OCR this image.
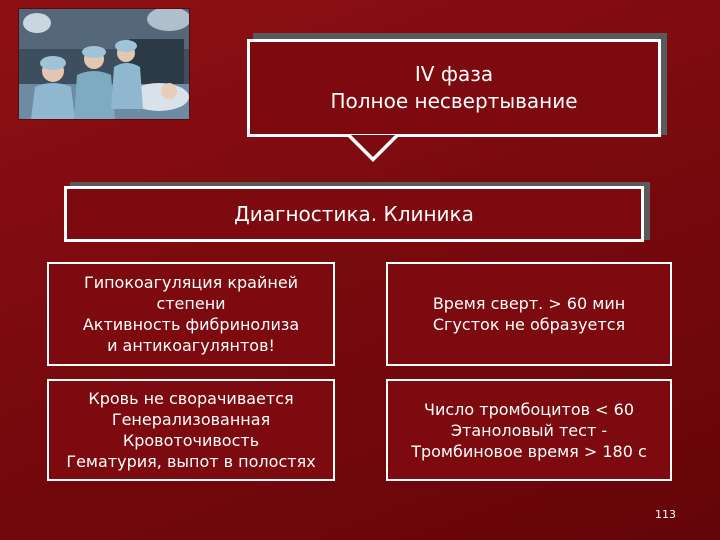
IV фаза
Полное несвертывание
Диагностика. Клиника
Гипокоагуляция крайней
степени
Активность фибринолиза
и антикоагулянтов!
Время сверт. > 60 мин
Сгусток не образуется
Кровь не сворачивается
Генерализованная
Кровоточивость
Гематурия, выпот в полостях
Число тромбоцитов < 60
Этаноловый тест -
Тромбиновое время > 180 с
113
